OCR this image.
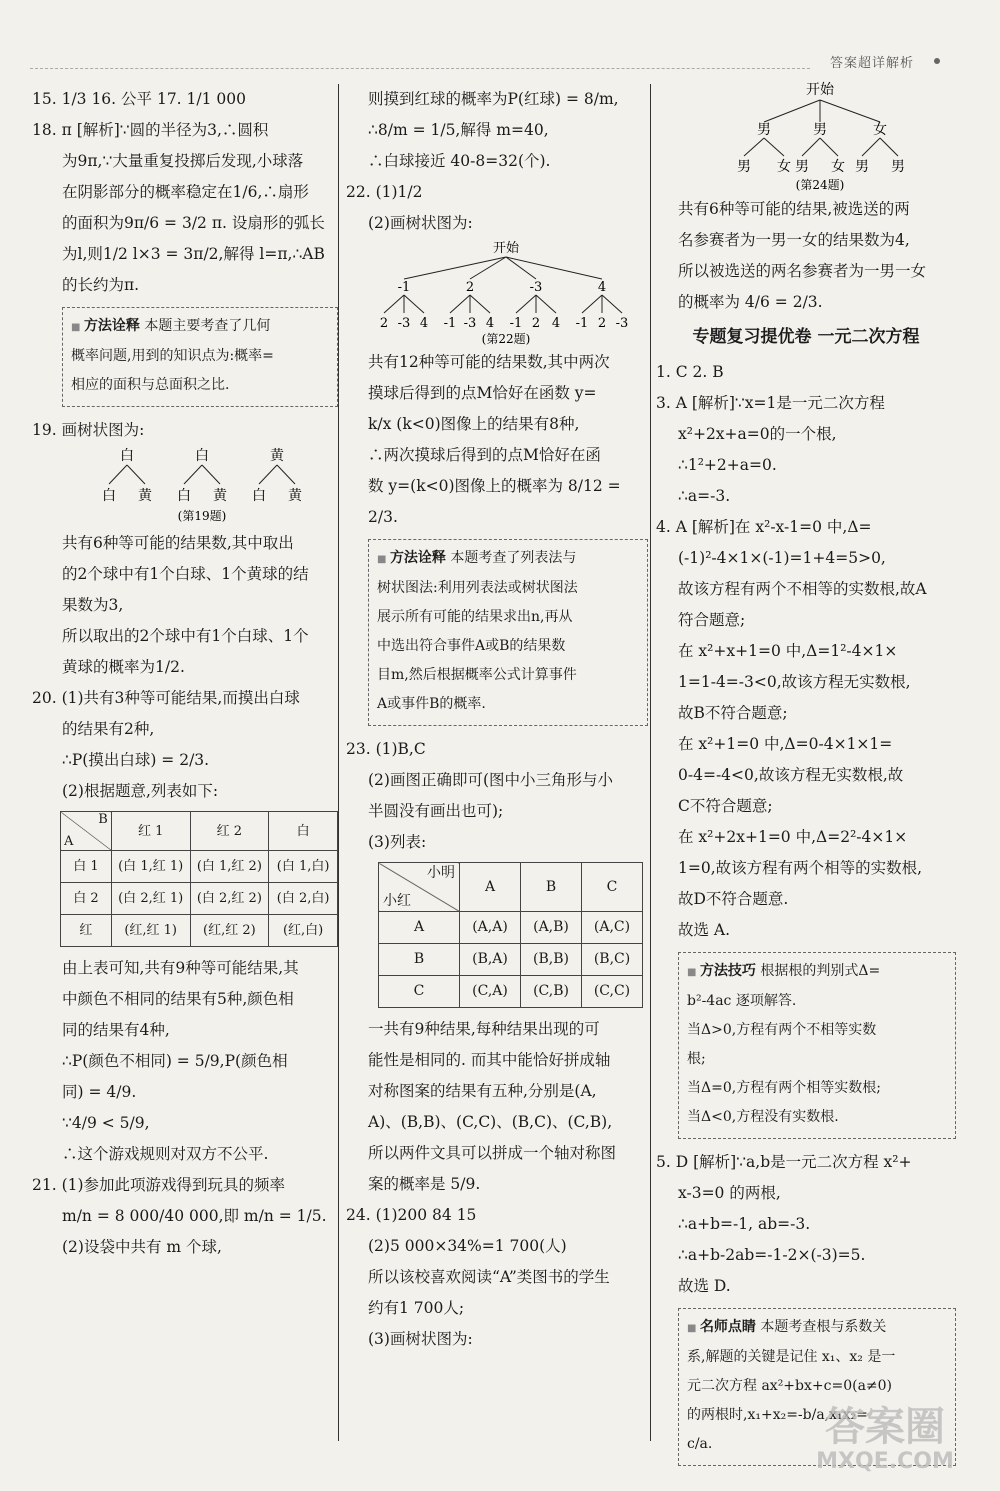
答案超详解析
15. 1/3 16. 公平 17. 1/1 000
18. π [解析]∵圆的半径为3,∴圆积
为9π,∵大量重复投掷后发现,小球落
在阴影部分的概率稳定在1/6,∴扇形
的面积为9π/6 = 3/2 π. 设扇形的弧长
为l,则1/2 l×3 = 3π/2,解得 l=π,∴AB
的长约为π.
■ 方法诠释 本题主要考查了几何
概率问题,用到的知识点为:概率=
相应的面积与总面积之比.
19. 画树状图为:
白	白	黄
白 黄 白 黄 白 黄
(第19题)
共有6种等可能的结果数,其中取出
的2个球中有1个白球、1个黄球的结
果数为3,
所以取出的2个球中有1个白球、1个
黄球的概率为1/2.
20. (1)共有3种等可能结果,而摸出白球
的结果有2种,
∴P(摸出白球) = 2/3.
(2)根据题意,列表如下:
B
A	红 1	红 2	白
白 1	(白 1,红 1)	(白 1,红 2)	(白 1,白)
白 2	(白 2,红 1)	(白 2,红 2)	(白 2,白)
红	(红,红 1)	(红,红 2)	(红,白)
由上表可知,共有9种等可能结果,其
中颜色不相同的结果有5种,颜色相
同的结果有4种,
∴P(颜色不相同) = 5/9,P(颜色相
同) = 4/9.
∵4/9 < 5/9,
∴这个游戏规则对双方不公平.
21. (1)参加此项游戏得到玩具的频率
m/n = 8 000/40 000,即 m/n = 1/5.
(2)设袋中共有 m 个球,
则摸到红球的概率为P(红球) = 8/m,
∴8/m = 1/5,解得 m=40,
∴白球接近 40-8=32(个).
22. (1)1/2
(2)画树状图为:
开始
-1	2	-3	4
2 -3 4 -1 -3 4 -1 2 4 -1 2 -3
(第22题)
共有12种等可能的结果数,其中两次
摸球后得到的点M恰好在函数 y=
k/x (k<0)图像上的结果有8种,
∴两次摸球后得到的点M恰好在函
数 y=(k<0)图像上的概率为 8/12 =
2/3.
■ 方法诠释 本题考查了列表法与
树状图法:利用列表法或树状图法
展示所有可能的结果求出n,再从
中选出符合事件A或B的结果数
目m,然后根据概率公式计算事件
A或事件B的概率.
23. (1)B,C
(2)画图正确即可(图中小三角形与小
半圆没有画出也可);
(3)列表:
小明
小红	A	B	C
A	(A,A)	(A,B)	(A,C)
B	(B,A)	(B,B)	(B,C)
C	(C,A)	(C,B)	(C,C)
一共有9种结果,每种结果出现的可
能性是相同的. 而其中能恰好拼成轴
对称图案的结果有五种,分别是(A,
A)、(B,B)、(C,C)、(B,C)、(C,B),
所以两件文具可以拼成一个轴对称图
案的概率是 5/9.
24. (1)200 84 15
(2)5 000×34%=1 700(人)
所以该校喜欢阅读“A”类图书的学生
约有1 700人;
(3)画树状图为:
开始
男	男	女
男 女 男 女 男 男
(第24题)
共有6种等可能的结果,被选送的两
名参赛者为一男一女的结果数为4,
所以被选送的两名参赛者为一男一女
的概率为 4/6 = 2/3.
专题复习提优卷 一元二次方程
1. C 2. B
3. A [解析]∵x=1是一元二次方程
x²+2x+a=0的一个根,
∴1²+2+a=0.
∴a=-3.
4. A [解析]在 x²-x-1=0 中,Δ=
(-1)²-4×1×(-1)=1+4=5>0,
故该方程有两个不相等的实数根,故A
符合题意;
在 x²+x+1=0 中,Δ=1²-4×1×
1=1-4=-3<0,故该方程无实数根,
故B不符合题意;
在 x²+1=0 中,Δ=0-4×1×1=
0-4=-4<0,故该方程无实数根,故
C不符合题意;
在 x²+2x+1=0 中,Δ=2²-4×1×
1=0,故该方程有两个相等的实数根,
故D不符合题意.
故选 A.
■ 方法技巧 根据根的判别式Δ=
b²-4ac 逐项解答.
当Δ>0,方程有两个不相等实数
根;
当Δ=0,方程有两个相等实数根;
当Δ<0,方程没有实数根.
5. D [解析]∵a,b是一元二次方程 x²+
x-3=0 的两根,
∴a+b=-1, ab=-3.
∴a+b-2ab=-1-2×(-3)=5.
故选 D.
■ 名师点睛 本题考查根与系数关
系,解题的关键是记住 x₁、x₂ 是一
元二次方程 ax²+bx+c=0(a≠0)
的两根时,x₁+x₂=-b/a,x₁x₂=
c/a.	答案圈
MXQE.COM
